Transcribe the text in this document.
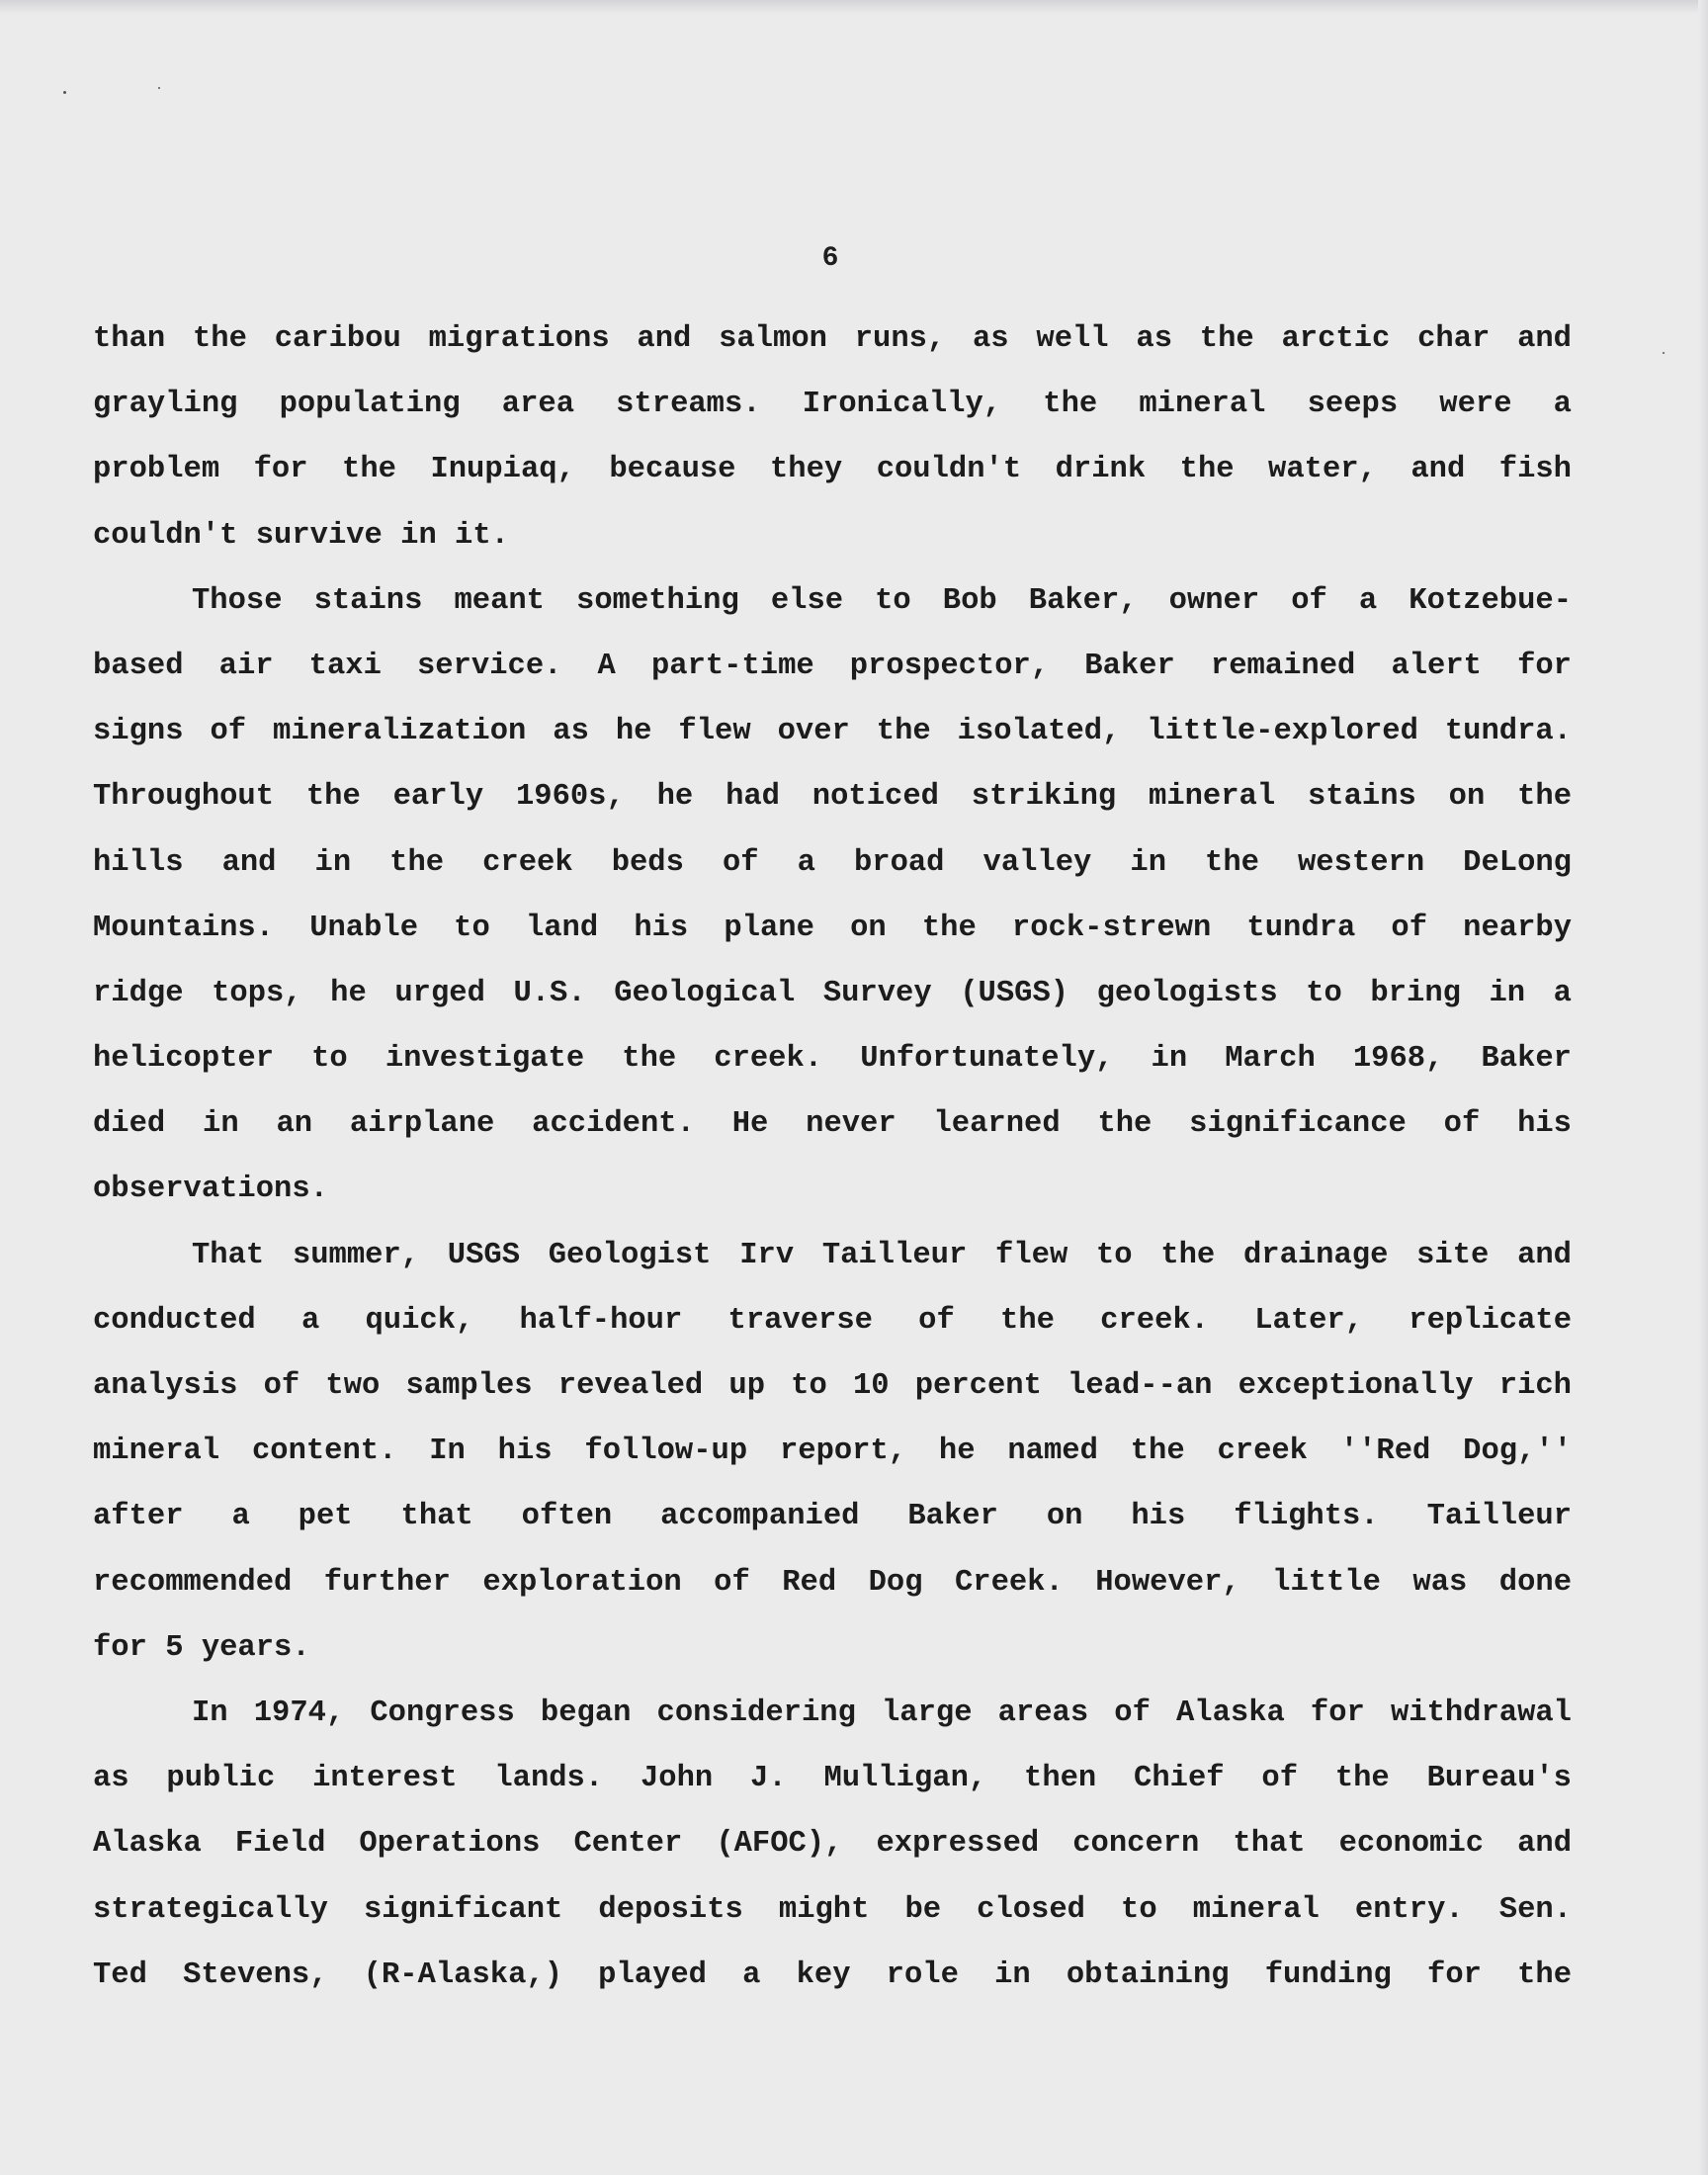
6
than the caribou migrations and salmon runs, as well as the arctic char and
grayling populating area streams. Ironically, the mineral seeps were a
problem for the Inupiaq, because they couldn't drink the water, and fish
couldn't survive in it.
Those stains meant something else to Bob Baker, owner of a Kotzebue-
based air taxi service. A part-time prospector, Baker remained alert for
signs of mineralization as he flew over the isolated, little-explored tundra.
Throughout the early 1960s, he had noticed striking mineral stains on the
hills and in the creek beds of a broad valley in the western DeLong
Mountains. Unable to land his plane on the rock-strewn tundra of nearby
ridge tops, he urged U.S. Geological Survey (USGS) geologists to bring in a
helicopter to investigate the creek. Unfortunately, in March 1968, Baker
died in an airplane accident. He never learned the significance of his
observations.
That summer, USGS Geologist Irv Tailleur flew to the drainage site and
conducted a quick, half-hour traverse of the creek. Later, replicate
analysis of two samples revealed up to 10 percent lead--an exceptionally rich
mineral content. In his follow-up report, he named the creek ''Red Dog,''
after a pet that often accompanied Baker on his flights. Tailleur
recommended further exploration of Red Dog Creek. However, little was done
for 5 years.
In 1974, Congress began considering large areas of Alaska for withdrawal
as public interest lands. John J. Mulligan, then Chief of the Bureau's
Alaska Field Operations Center (AFOC), expressed concern that economic and
strategically significant deposits might be closed to mineral entry. Sen.
Ted Stevens, (R-Alaska,) played a key role in obtaining funding for the
